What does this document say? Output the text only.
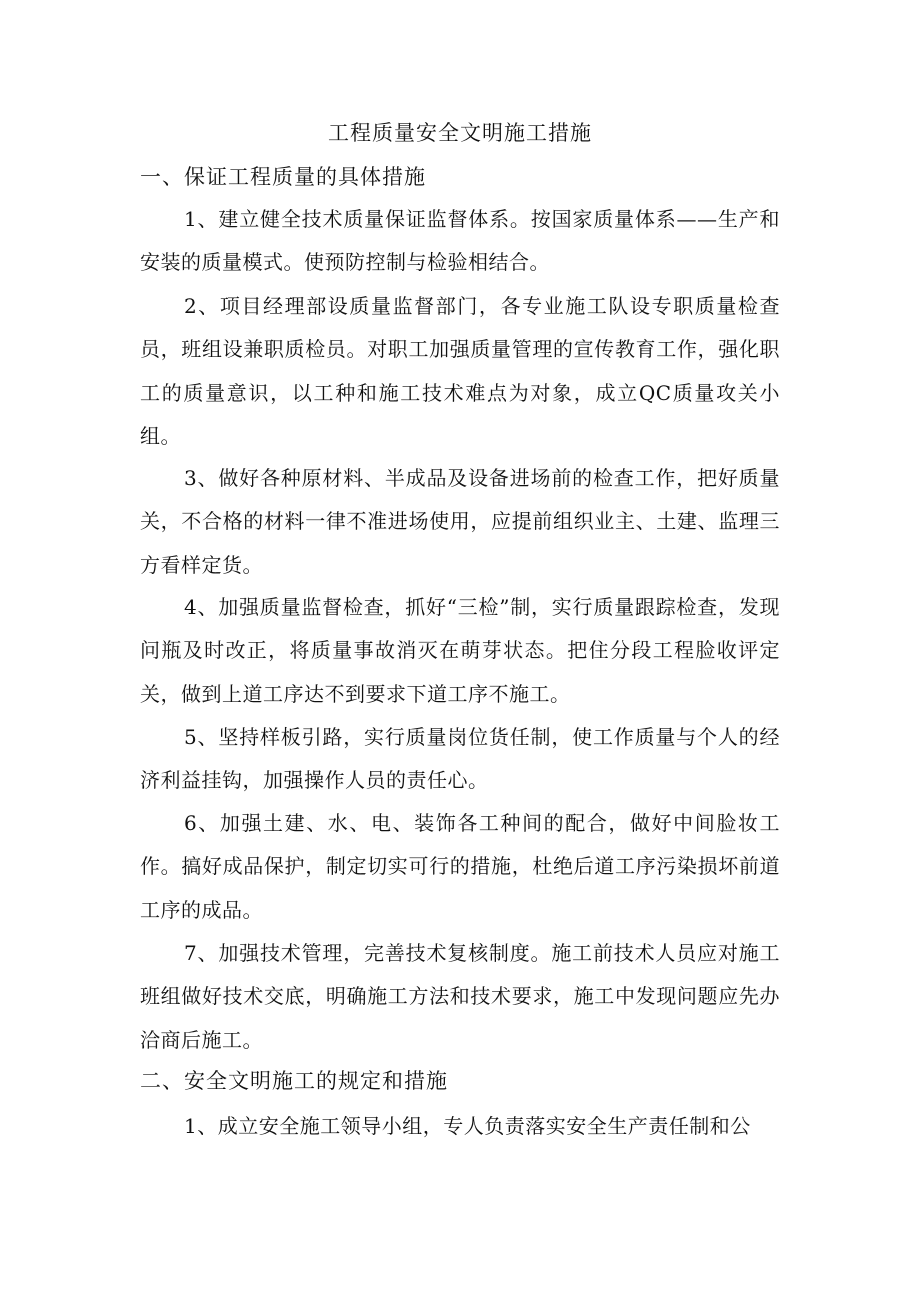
工程质量安全文明施工措施
一、保证工程质量的具体措施
1、建立健全技术质量保证监督体系。按国家质量体系——生产和安装的质量模式。使预防控制与检验相结合。
2、项目经理部设质量监督部门，各专业施工队设专职质量检查员，班组设兼职质检员。对职工加强质量管理的宣传教育工作，强化职工的质量意识，以工种和施工技术难点为对象，成立QC质量攻关小组。
3、做好各种原材料、半成品及设备进场前的检查工作，把好质量关，不合格的材料一律不准进场使用，应提前组织业主、土建、监理三方看样定货。
4、加强质量监督检查，抓好“三检”制，实行质量跟踪检查，发现问瓶及时改正，将质量事故消灭在萌芽状态。把住分段工程脸收评定关，做到上道工序达不到要求下道工序不施工。
5、坚持样板引路，实行质量岗位货任制，使工作质量与个人的经济利益挂钩，加强操作人员的责任心。
6、加强土建、水、电、装饰各工种间的配合，做好中间脸妆工作。搞好成品保护，制定切实可行的措施，杜绝后道工序污染损坏前道工序的成品。
7、加强技术管理，完善技术复核制度。施工前技术人员应对施工班组做好技术交底，明确施工方法和技术要求，施工中发现问题应先办洽商后施工。
二、安全文明施工的规定和措施
1、成立安全施工领导小组，专人负责落实安全生产责任制和公
